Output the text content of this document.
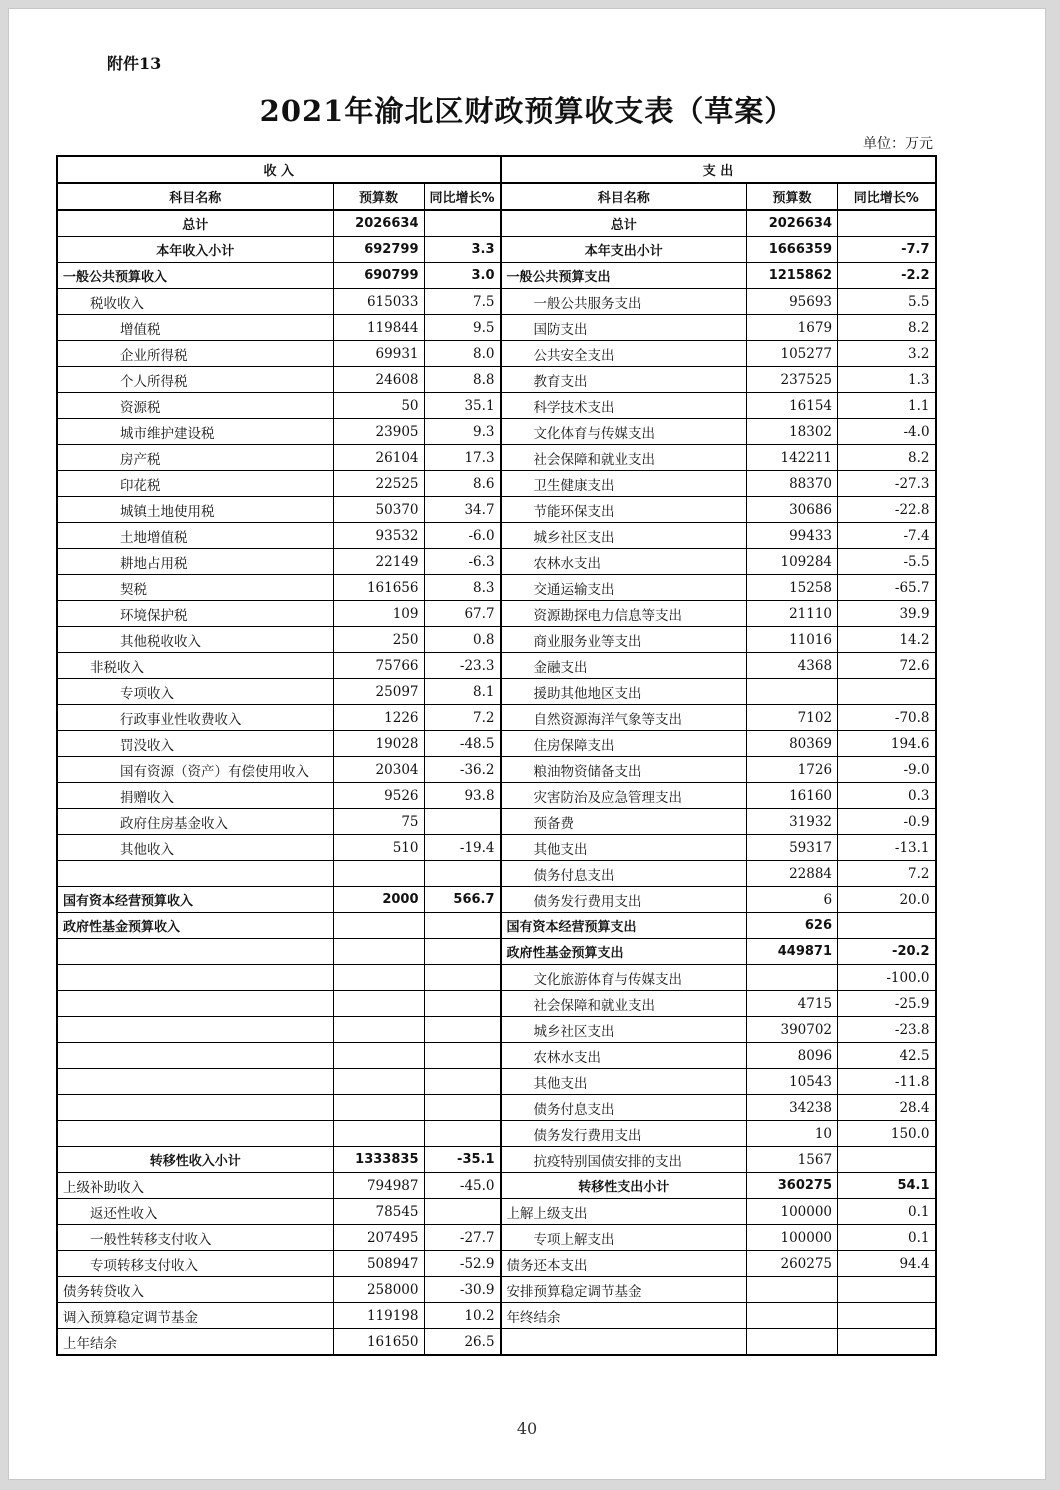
附件13
2021年渝北区财政预算收支表（草案）
单位：万元
收 入			支 出		
科目名称	预算数	同比增长%	科目名称	预算数	同比增长%
总计	2026634		总计	2026634	
本年收入小计	692799	3.3	本年支出小计	1666359	-7.7
一般公共预算收入	690799	3.0	一般公共预算支出	1215862	-2.2
税收收入	615033	7.5	一般公共服务支出	95693	5.5
增值税	119844	9.5	国防支出	1679	8.2
企业所得税	69931	8.0	公共安全支出	105277	3.2
个人所得税	24608	8.8	教育支出	237525	1.3
资源税	50	35.1	科学技术支出	16154	1.1
城市维护建设税	23905	9.3	文化体育与传媒支出	18302	-4.0
房产税	26104	17.3	社会保障和就业支出	142211	8.2
印花税	22525	8.6	卫生健康支出	88370	-27.3
城镇土地使用税	50370	34.7	节能环保支出	30686	-22.8
土地增值税	93532	-6.0	城乡社区支出	99433	-7.4
耕地占用税	22149	-6.3	农林水支出	109284	-5.5
契税	161656	8.3	交通运输支出	15258	-65.7
环境保护税	109	67.7	资源勘探电力信息等支出	21110	39.9
其他税收收入	250	0.8	商业服务业等支出	11016	14.2
非税收入	75766	-23.3	金融支出	4368	72.6
专项收入	25097	8.1	援助其他地区支出		
行政事业性收费收入	1226	7.2	自然资源海洋气象等支出	7102	-70.8
罚没收入	19028	-48.5	住房保障支出	80369	194.6
国有资源（资产）有偿使用收入	20304	-36.2	粮油物资储备支出	1726	-9.0
捐赠收入	9526	93.8	灾害防治及应急管理支出	16160	0.3
政府住房基金收入	75		预备费	31932	-0.9
其他收入	510	-19.4	其他支出	59317	-13.1
			债务付息支出	22884	7.2
国有资本经营预算收入	2000	566.7	债务发行费用支出	6	20.0
政府性基金预算收入			国有资本经营预算支出	626	
			政府性基金预算支出	449871	-20.2
			文化旅游体育与传媒支出		-100.0
			社会保障和就业支出	4715	-25.9
			城乡社区支出	390702	-23.8
			农林水支出	8096	42.5
			其他支出	10543	-11.8
			债务付息支出	34238	28.4
			债务发行费用支出	10	150.0
转移性收入小计	1333835	-35.1	抗疫特别国债安排的支出	1567	
上级补助收入	794987	-45.0	转移性支出小计	360275	54.1
返还性收入	78545		上解上级支出	100000	0.1
一般性转移支付收入	207495	-27.7	专项上解支出	100000	0.1
专项转移支付收入	508947	-52.9	债务还本支出	260275	94.4
债务转贷收入	258000	-30.9	安排预算稳定调节基金		
调入预算稳定调节基金	119198	10.2	年终结余		
上年结余	161650	26.5			
40
